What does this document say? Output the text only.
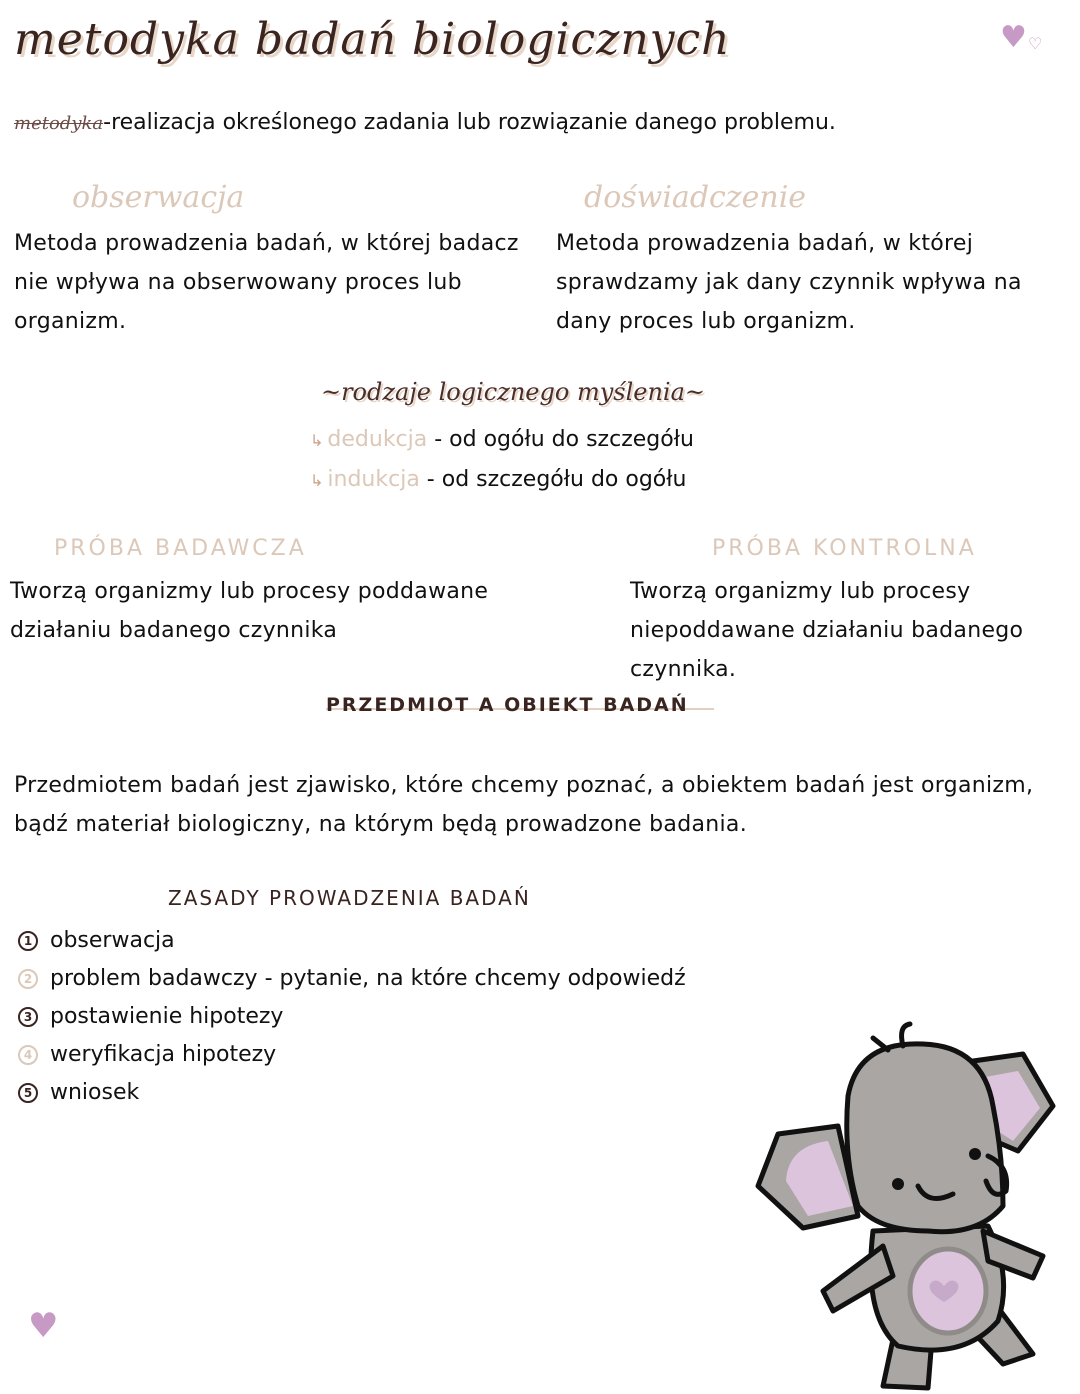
metodyka badań biologicznych	♥ ♡
metodyka-realizacja określonego zadania lub rozwiązanie danego problemu.
obserwacja
Metoda prowadzenia badań, w której badacz nie wpływa na obserwowany proces lub organizm.
doświadczenie
Metoda prowadzenia badań, w której sprawdzamy jak dany czynnik wpływa na dany proces lub organizm.
~rodzaje logicznego myślenia~
↳ dedukcja - od ogółu do szczegółu
↳ indukcja - od szczegółu do ogółu
PRÓBA BADAWCZA
Tworzą organizmy lub procesy poddawane działaniu badanego czynnika
PRÓBA KONTROLNA
Tworzą organizmy lub procesy niepoddawane działaniu badanego czynnika.
PRZEDMIOT A OBIEKT BADAŃ
Przedmiotem badań jest zjawisko, które chcemy poznać, a obiektem badań jest organizm, bądź materiał biologiczny, na którym będą prowadzone badania.
ZASADY PROWADZENIA BADAŃ
1 obserwacja
2 problem badawczy - pytanie, na które chcemy odpowiedź
3 postawienie hipotezy
4 weryfikacja hipotezy
5 wniosek
♥
